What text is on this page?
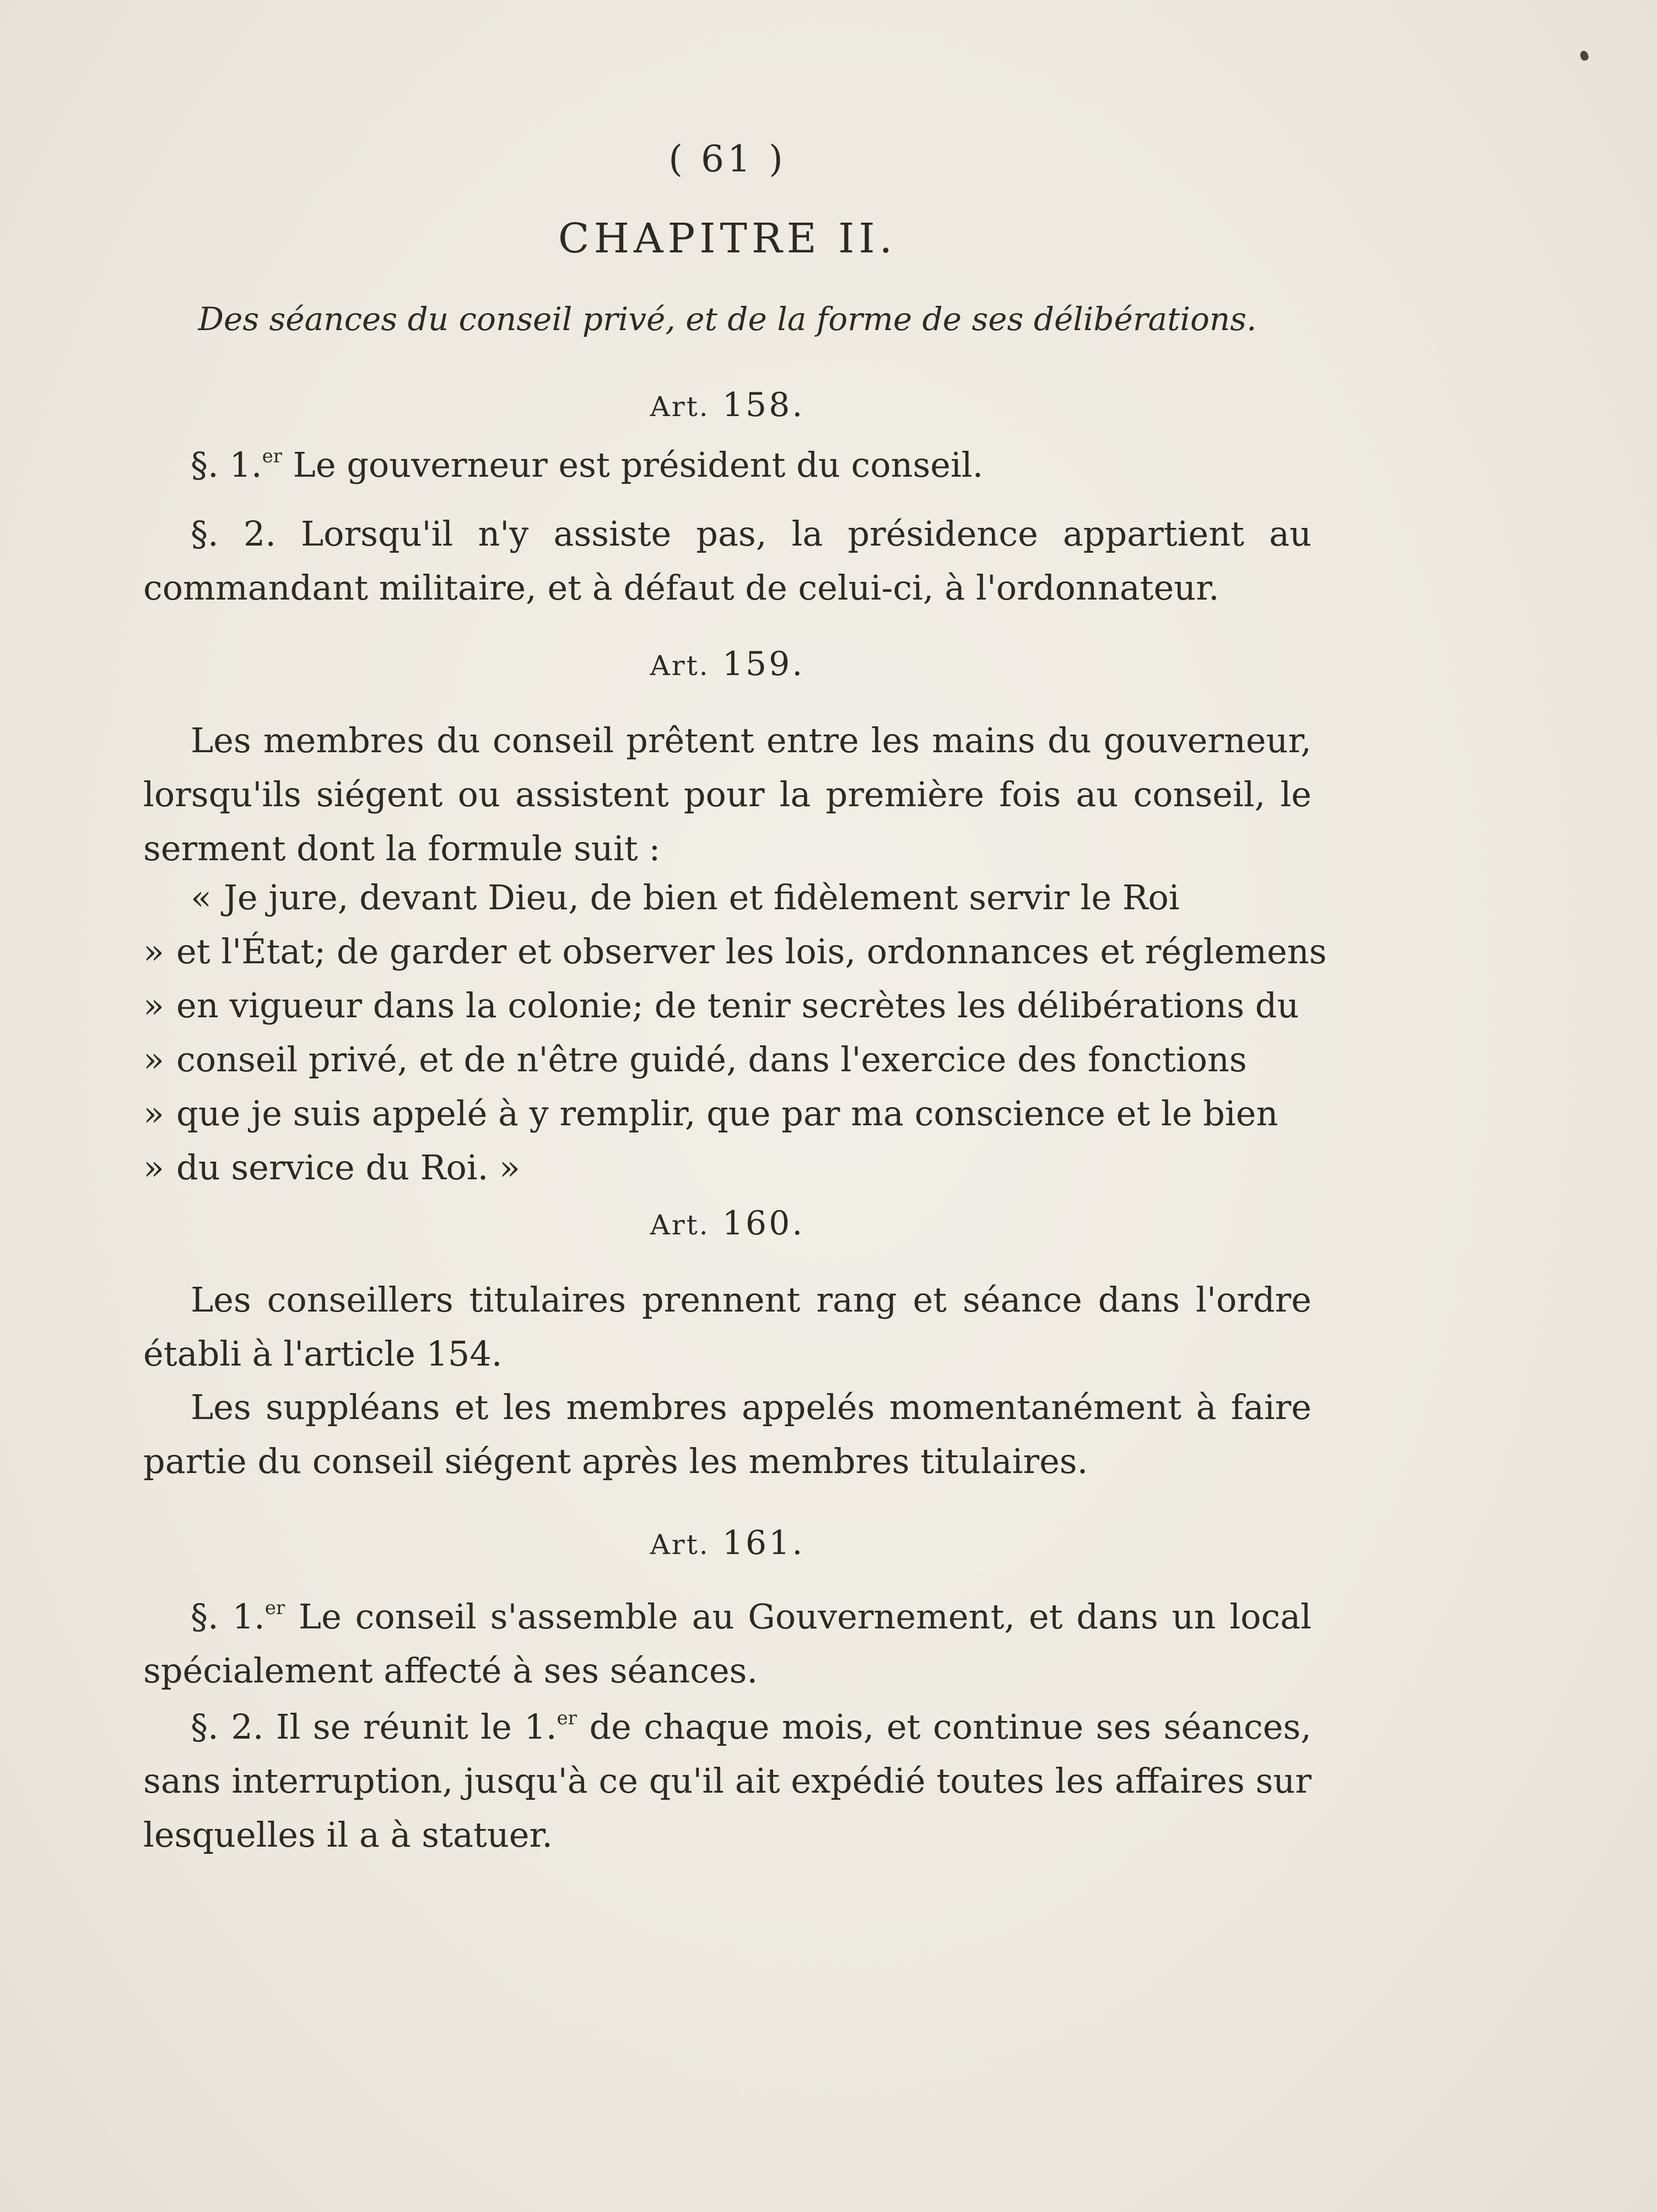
( 61 )
CHAPITRE II.
Des séances du conseil privé, et de la forme de ses délibérations.
Art. 158.

§. 1.$^{er}$ Le gouverneur est président du conseil.

§. 2. Lorsqu'il n'y assiste pas, la présidence appartient au commandant militaire, et à défaut de celui-ci, à l'ordonnateur.

Art. 159.

Les membres du conseil prêtent entre les mains du gouverneur, lorsqu'ils siégent ou assistent pour la première fois au conseil, le serment dont la formule suit :

« Je jure, devant Dieu, de bien et fidèlement servir le Roi
» et l'État; de garder et observer les lois, ordonnances et réglemens
» en vigueur dans la colonie; de tenir secrètes les délibérations du
» conseil privé, et de n'être guidé, dans l'exercice des fonctions
» que je suis appelé à y remplir, que par ma conscience et le bien
» du service du Roi. »
Art. 160.

Les conseillers titulaires prennent rang et séance dans l'ordre établi à l'article 154.

Les suppléans et les membres appelés momentanément à faire partie du conseil siégent après les membres titulaires.

Art. 161.

§. 1.$^{er}$ Le conseil s'assemble au Gouvernement, et dans un local spécialement affecté à ses séances.

§. 2. Il se réunit le 1.$^{er}$ de chaque mois, et continue ses séances, sans interruption, jusqu'à ce qu'il ait expédié toutes les affaires sur lesquelles il a à statuer.
